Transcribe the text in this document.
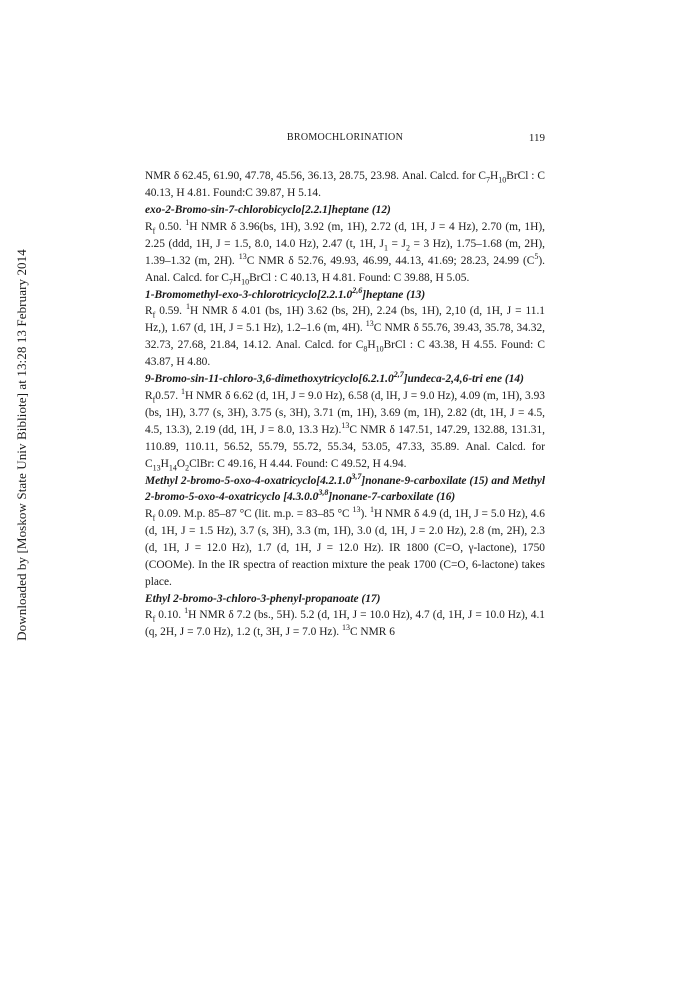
Downloaded by [Moskow State Univ Bibliote] at 13:28 13 February 2014
BROMOCHLORINATION	119

NMR δ 62.45, 61.90, 47.78, 45.56, 36.13, 28.75, 23.98. Anal. Calcd. for $C_7H_{10}BrCl$ : C 40.13, H 4.81. Found:C 39.87, H 5.14.

exo-2-Bromo-sin-7-chlorobicyclo[2.2.1]heptane (12)

$R_f$ 0.50. $^1$H NMR δ 3.96(bs, 1H), 3.92 (m, 1H), 2.72 (d, 1H, J = 4 Hz), 2.70 (m, 1H), 2.25 (ddd, 1H, J = 1.5, 8.0, 14.0 Hz), 2.47 (t, 1H, $J_1 = J_2 = 3$ Hz), 1.75–1.68 (m, 2H), 1.39–1.32 (m, 2H). $^{13}$C NMR δ 52.76, 49.93, 46.99, 44.13, 41.69; 28.23, 24.99 $(C^5)$. Anal. Calcd. for $C_7H_{10}BrCl$ : C 40.13, H 4.81. Found: C 39.88, H 5.05.

1-Bromomethyl-exo-3-chlorotricyclo[2.2.1.0$^{2,6}$]heptane (13)

$R_f$ 0.59. $^1$H NMR δ 4.01 (bs, 1H) 3.62 (bs, 2H), 2.24 (bs, 1H), 2,10 (d, 1H, J = 11.1 Hz,), 1.67 (d, 1H, J = 5.1 Hz), 1.2–1.6 (m, 4H). $^{13}$C NMR δ 55.76, 39.43, 35.78, 34.32, 32.73, 27.68, 21.84, 14.12. Anal. Calcd. for $C_8H_{10}BrCl$ : C 43.38, H 4.55. Found: C 43.87, H 4.80.

9-Bromo-sin-11-chloro-3,6-dimethoxytricyclo[6.2.1.0$^{2,7}$]undeca-2,4,6-tri ene (14)

$R_f0.57$. $^1$H NMR δ 6.62 (d, 1H, J = 9.0 Hz), 6.58 (d, lH, J = 9.0 Hz), 4.09 (m, 1H), 3.93 (bs, 1H), 3.77 (s, 3H), 3.75 (s, 3H), 3.71 (m, 1H), 3.69 (m, 1H), 2.82 (dt, 1H, J = 4.5, 4.5, 13.3), 2.19 (dd, 1H, J = 8.0, 13.3 Hz).$^{13}$C NMR δ 147.51, 147.29, 132.88, 131.31, 110.89, 110.11, 56.52, 55.79, 55.72, 55.34, 53.05, 47.33, 35.89. Anal. Calcd. for $C_{13}H_{14}O_2ClBr$: C 49.16, H 4.44. Found: C 49.52, H 4.94.

Methyl 2-bromo-5-oxo-4-oxatricyclo[4.2.1.0$^{3,7}$]nonane-9-carboxilate (15) and Methyl 2-bromo-5-oxo-4-oxatricyclo [4.3.0.0$^{3,8}$]nonane-7-carboxilate (16)

$R_f$ 0.09. M.p. 85–87 °C (lit. m.p. = 83–85 °C $^{13}$). $^1$H NMR δ 4.9 (d, 1H, J = 5.0 Hz), 4.6 (d, 1H, J = 1.5 Hz), 3.7 (s, 3H), 3.3 (m, 1H), 3.0 (d, 1H, J = 2.0 Hz), 2.8 (m, 2H), 2.3 (d, 1H, J = 12.0 Hz), 1.7 (d, 1H, J = 12.0 Hz). IR 1800 (C=O, γ-lactone), 1750 (COOMe). In the IR spectra of reaction mixture the peak 1700 (C=O, 6-lactone) takes place.

Ethyl 2-bromo-3-chloro-3-phenyl-propanoate (17)

$R_f$ 0.10. $^1$H NMR δ 7.2 (bs., 5H). 5.2 (d, 1H, J = 10.0 Hz), 4.7 (d, 1H, J = 10.0 Hz), 4.1 (q, 2H, J = 7.0 Hz), 1.2 (t, 3H, J = 7.0 Hz). $^{13}$C NMR 6
